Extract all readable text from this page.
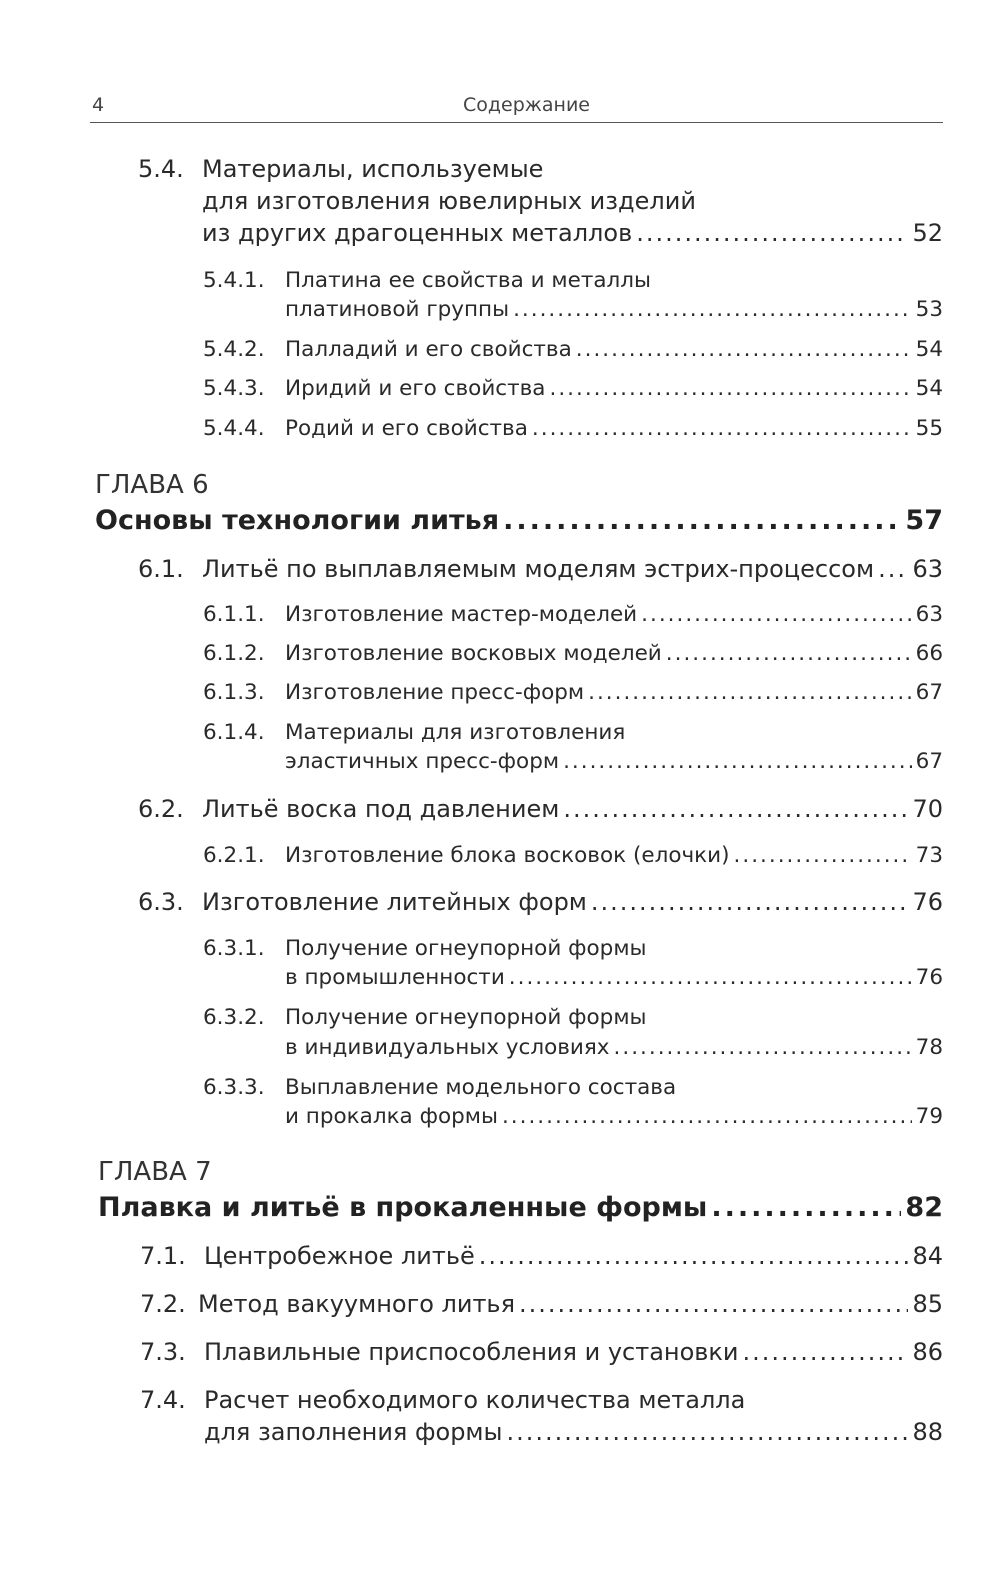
4	Содержание
5.4. Материалы, используемые
для изготовления ювелирных изделий
из других драгоценных металлов .....	52
5.4.1. Платина ее свойства и металлы
платиновой группы .....	53
5.4.2. Палладий и его свойства .....	54
5.4.3. Иридий и его свойства .....	54
5.4.4. Родий и его свойства .....	55
ГЛАВА 6
Основы технологии литья .....	57
6.1. Литьё по выплавляемым моделям эстрих-процессом ..... 63
6.1.1. Изготовление мастер-моделей .....	63
6.1.2. Изготовление восковых моделей .....	66
6.1.3. Изготовление пресс-форм .....	67
6.1.4. Материалы для изготовления
эластичных пресс-форм .....	67
6.2. Литьё воска под давлением .....	70
6.2.1. Изготовление блока восковок (елочки) .....	73
6.3. Изготовление литейных форм .....	76
6.3.1. Получение огнеупорной формы
в промышленности .....	76
6.3.2. Получение огнеупорной формы
в индивидуальных условиях .....	78
6.3.3. Выплавление модельного состава
и прокалка формы .....	79
ГЛАВА 7
Плавка и литьё в прокаленные формы .....	82
7.1. Центробежное литьё .....	84
7.2. Метод вакуумного литья .....	85
7.3. Плавильные приспособления и установки .....	86
7.4. Расчет необходимого количества металла
для заполнения формы .....	88
